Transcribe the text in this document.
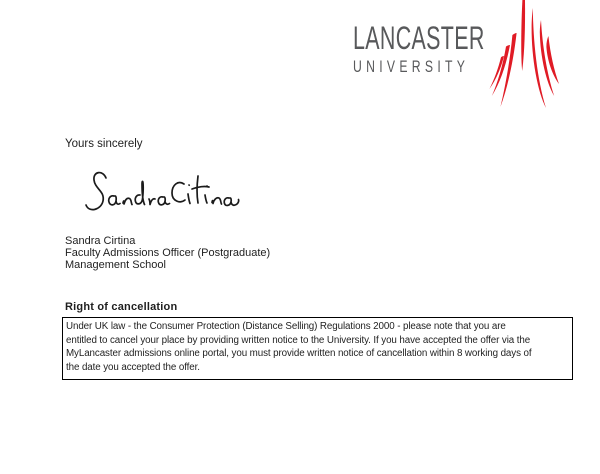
LANCASTER
UNIVERSITY
Yours sincerely
Sandra Cirtina
Faculty Admissions Officer (Postgraduate)
Management School
Right of cancellation
Under UK law - the Consumer Protection (Distance Selling) Regulations 2000 - please note that you are
entitled to cancel your place by providing written notice to the University. If you have accepted the offer via the
MyLancaster admissions online portal, you must provide written notice of cancellation within 8 working days of
the date you accepted the offer.
